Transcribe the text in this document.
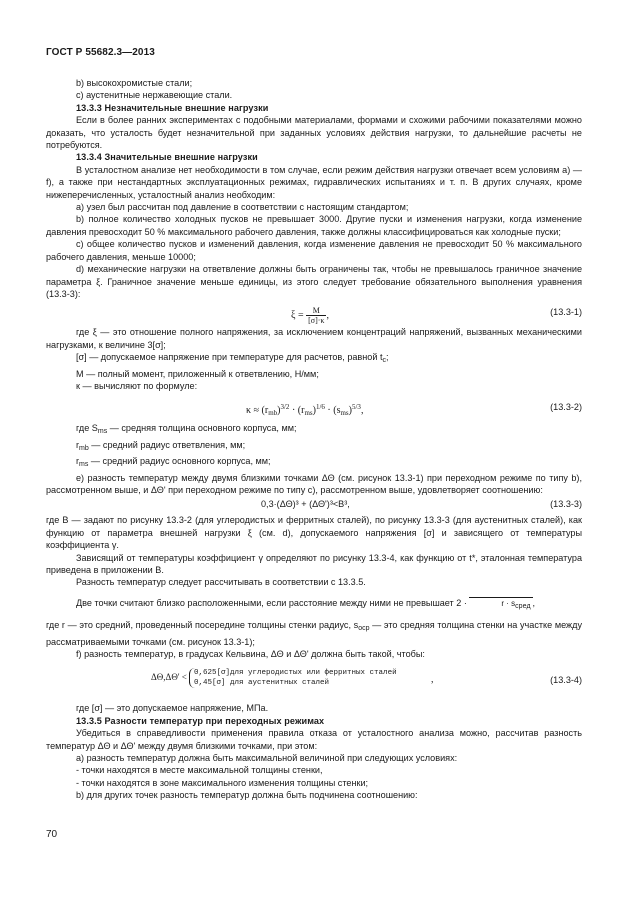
ГОСТ Р 55682.3—2013

b) высокохромистые стали;

c) аустенитные нержавеющие стали.

13.3.3 Незначительные внешние нагрузки

Если в более ранних экспериментах с подобными материалами, формами и схожими рабочими показателями можно доказать, что усталость будет незначительной при заданных условиях действия нагрузки, то дальнейшие расчеты не потребуются.

13.3.4 Значительные внешние нагрузки

В усталостном анализе нет необходимости в том случае, если режим действия нагрузки отвечает всем условиям а) — f), а также при нестандартных эксплуатационных режимах, гидравлических испытаниях и т. п. В других случаях, кроме нижеперечисленных, усталостный анализ необходим:

а) узел был рассчитан под давление в соответствии с настоящим стандартом;

b) полное количество холодных пусков не превышает 3000. Другие пуски и изменения нагрузки, когда изменение давления превосходит 50 % максимального рабочего давления, также должны классифицироваться как холодные пуски;

c) общее количество пусков и изменений давления, когда изменение давления не превосходит 50 % максимального рабочего давления, меньше 10000;

d) механические нагрузки на ответвление должны быть ограничены так, чтобы не превышалось граничное значение параметра ξ. Граничное значение меньше единицы, из этого следует требование обязательного выполнения уравнения (13.3-3):

$\xi = \frac{M}{[\sigma]\cdot\kappa}$ ,	(13.3-1)

где ξ — это отношение полного напряжения, за исключением концентраций напряжений, вызванных механическими нагрузками, к величине 3[σ];

[σ] — допускаемое напряжение при температуре для расчетов, равной $t_c$;

M — полный момент, приложенный к ответвлению, Н/мм;

к — вычисляют по формуле:

$\kappa \approx (r_{mb})^{3/2} \cdot (r_{ms})^{1/6} \cdot (s_{ms})^{5/3}$,	(13.3-2)

где $S_{ms}$ — средняя толщина основного корпуса, мм;

$r_{mb}$ — средний радиус ответвления, мм;

$r_{ms}$ — средний радиус основного корпуса, мм;

е) разность температур между двумя близкими точками ΔΘ (см. рисунок 13.3-1) при переходном режиме по типу b), рассмотренном выше, и ΔΘ' при переходном режиме по типу с), рассмотренном выше, удовлетворяет соотношению:

0,3·(ΔΘ)³ + (ΔΘ')³<B³,	(13.3-3)

где В — задают по рисунку 13.3-2 (для углеродистых и ферритных сталей), по рисунку 13.3-3 (для аустенитных сталей), как функцию от параметра внешней нагрузки ξ (см. d), допускаемого напряжения [σ] и зависящего от температуры коэффициента γ.

Зависящий от температуры коэффициент γ определяют по рисунку 13.3-4, как функцию от t*, эталонная температура приведена в приложении В.

Разность температур следует рассчитывать в соответствии с 13.3.5.

Две точки считают близко расположенными, если расстояние между ними не превышает 2 ·	r · scpeд ,

где r — это средний, проведенный посередине толщины стенки радиус, $s_{ocp}$ — это средняя толщина стенки на участке между рассматриваемыми точками (см. рисунок 13.3-1);

f) разность температур, в градусах Кельвина, ΔΘ и ΔΘ' должна быть такой, чтобы:

ΔΘ,ΔΘ' < 0,625[σ]для углеродистых или ферритных сталей
0,45[σ] для аустенитных сталей	,	(13.3-4)

где [σ] — это допускаемое напряжение, МПа.

13.3.5 Разности температур при переходных режимах

Убедиться в справедливости применения правила отказа от усталостного анализа можно, рассчитав разность температур ΔΘ и ΔΘ' между двумя близкими точками, при этом:

а) разность температур должна быть максимальной величиной при следующих условиях:

- точки находятся в месте максимальной толщины стенки,

- точки находятся в зоне максимального изменения толщины стенки;

b) для других точек разность температур должна быть подчинена соотношению:

70
